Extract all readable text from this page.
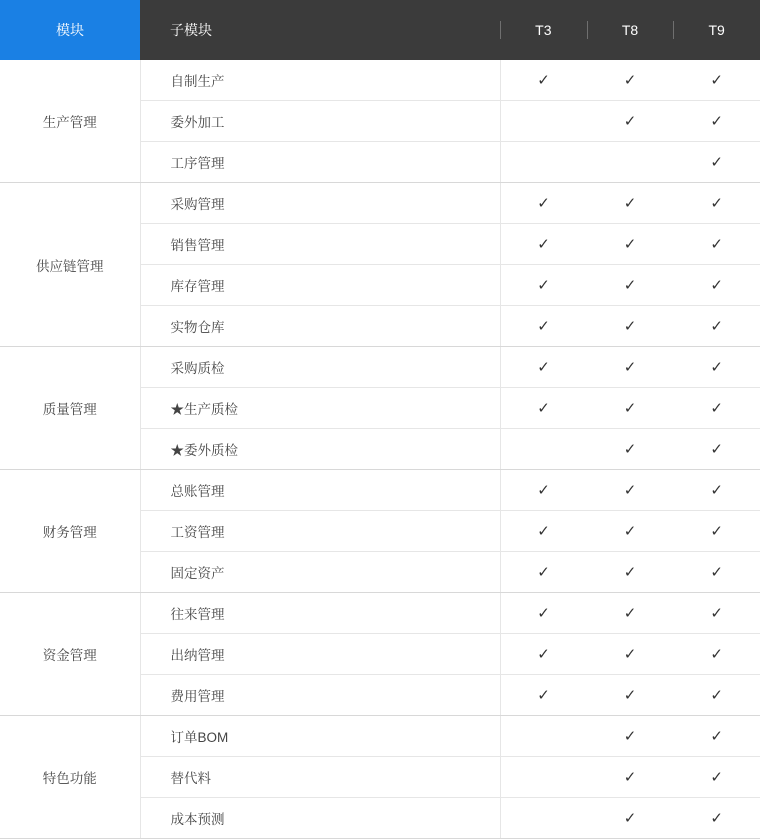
模块	子模块	T3	T8	T9
生产管理	自制生产	✓	✓	✓
	委外加工		✓	✓
	工序管理			✓
供应链管理	采购管理	✓	✓	✓
	销售管理	✓	✓	✓
	库存管理	✓	✓	✓
	实物仓库	✓	✓	✓
质量管理	采购质检	✓	✓	✓
	★生产质检	✓	✓	✓
	★委外质检		✓	✓
财务管理	总账管理	✓	✓	✓
	工资管理	✓	✓	✓
	固定资产	✓	✓	✓
资金管理	往来管理	✓	✓	✓
	出纳管理	✓	✓	✓
	费用管理	✓	✓	✓
特色功能	订单BOM		✓	✓
	替代料		✓	✓
	成本预测		✓	✓
